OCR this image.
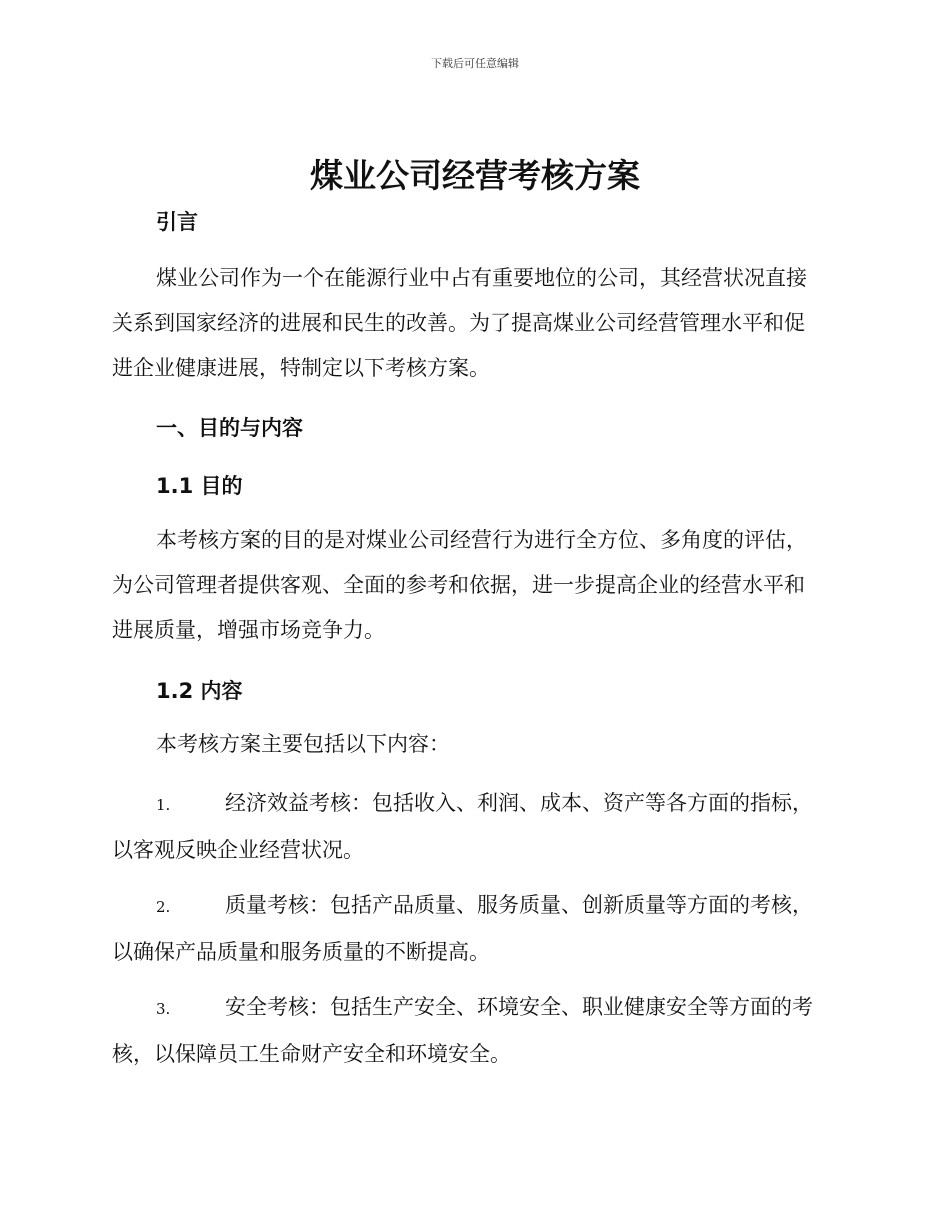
下载后可任意编辑
煤业公司经营考核方案
引言

煤业公司作为一个在能源行业中占有重要地位的公司，其经营状况直接
关系到国家经济的进展和民生的改善。为了提高煤业公司经营管理水平和促
进企业健康进展，特制定以下考核方案。

一、目的与内容
1.1 目的

本考核方案的目的是对煤业公司经营行为进行全方位、多角度的评估，
为公司管理者提供客观、全面的参考和依据，进一步提高企业的经营水平和
进展质量，增强市场竞争力。

1.2 内容

本考核方案主要包括以下内容：

1.	经济效益考核：包括收入、利润、成本、资产等各方面的指标，
以客观反映企业经营状况。
2.	质量考核：包括产品质量、服务质量、创新质量等方面的考核，
以确保产品质量和服务质量的不断提高。
3.	安全考核：包括生产安全、环境安全、职业健康安全等方面的考
核，以保障员工生命财产安全和环境安全。
